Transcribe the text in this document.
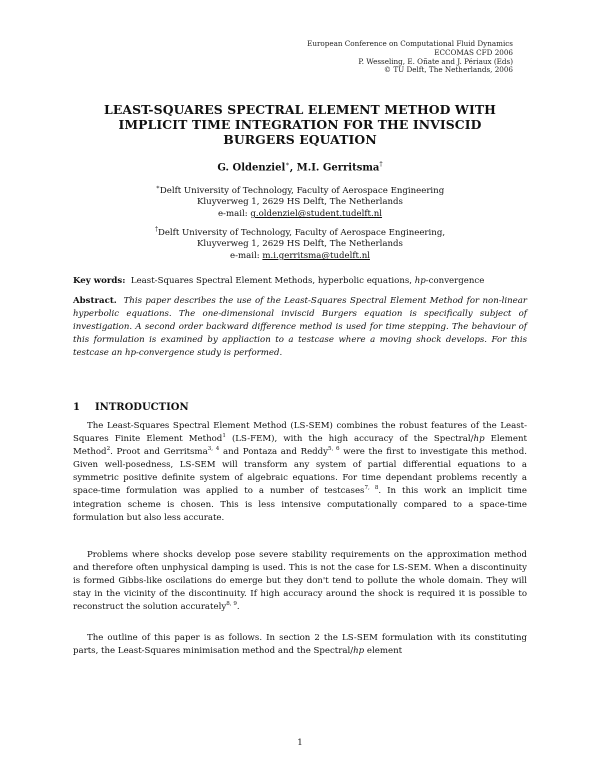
European Conference on Computational Fluid Dynamics
ECCOMAS CFD 2006
P. Wesseling, E. Oñate and J. Périaux (Eds)
© TU Delft, The Netherlands, 2006
LEAST-SQUARES SPECTRAL ELEMENT METHOD WITH
IMPLICIT TIME INTEGRATION FOR THE INVISCID
BURGERS EQUATION
G. Oldenziel∗, M.I. Gerritsma†
∗Delft University of Technology, Faculty of Aerospace Engineering
Kluyverweg 1, 2629 HS Delft, The Netherlands
e-mail: g.oldenziel@student.tudelft.nl
†Delft University of Technology, Faculty of Aerospace Engineering,
Kluyverweg 1, 2629 HS Delft, The Netherlands
e-mail: m.i.gerritsma@tudelft.nl
Key words: Least-Squares Spectral Element Methods, hyperbolic equations, hp-convergence
Abstract. This paper describes the use of the Least-Squares Spectral Element Method for non-linear hyperbolic equations. The one-dimensional inviscid Burgers equation is specifically subject of investigation. A second order backward difference method is used for time stepping. The behaviour of this formulation is examined by appliaction to a testcase where a moving shock develops. For this testcase an hp-convergence study is performed.
1 INTRODUCTION
The Least-Squares Spectral Element Method (LS-SEM) combines the robust features of the Least-Squares Finite Element Method$^1$ (LS-FEM), with the high accuracy of the Spectral/hp Element Method$^2$. Proot and Gerritsma$^{3, 4}$ and Pontaza and Reddy$^{5, 6}$ were the first to investigate this method. Given well-posedness, LS-SEM will transform any system of partial differential equations to a symmetric positive definite system of algebraic equations. For time dependant problems recently a space-time formulation was applied to a number of testcases$^{7, 8}$. In this work an implicit time integration scheme is chosen. This is less intensive computationally compared to a space-time formulation but also less accurate.
Problems where shocks develop pose severe stability requirements on the approximation method and therefore often unphysical damping is used. This is not the case for LS-SEM. When a discontinuity is formed Gibbs-like oscilations do emerge but they don't tend to pollute the whole domain. They will stay in the vicinity of the discontinuity. If high accuracy around the shock is required it is possible to reconstruct the solution accurately$^{8, 9}$.
The outline of this paper is as follows. In section 2 the LS-SEM formulation with its constituting parts, the Least-Squares minimisation method and the Spectral/hp element
1
